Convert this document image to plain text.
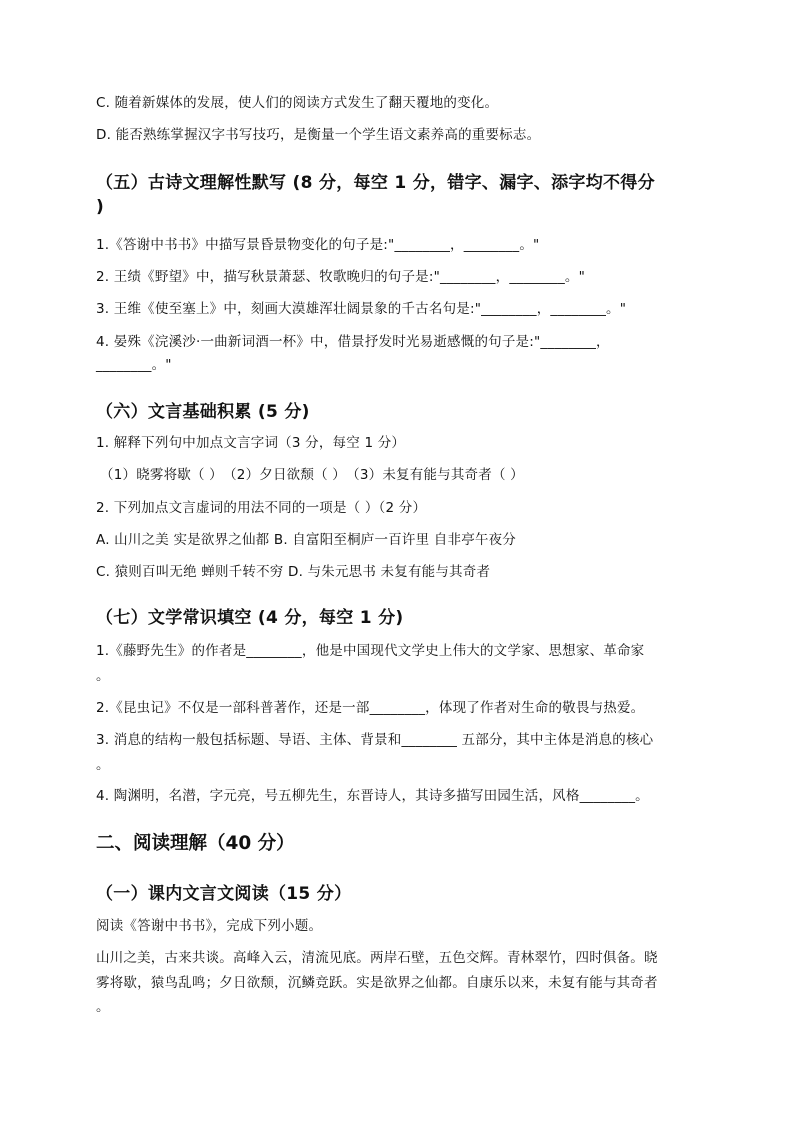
C. 随着新媒体的发展，使人们的阅读方式发生了翻天覆地的变化。
D. 能否熟练掌握汉字书写技巧，是衡量一个学生语文素养高的重要标志。
（五）古诗文理解性默写 (8 分，每空 1 分，错字、漏字、添字均不得分
)
1.《答谢中书书》中描写景昏景物变化的句子是:"________，________。"
2. 王绩《野望》中，描写秋景萧瑟、牧歌晚归的句子是:"________，________。"
3. 王维《使至塞上》中，刻画大漠雄浑壮阔景象的千古名句是:"________，________。"
4. 晏殊《浣溪沙·一曲新词酒一杯》中，借景抒发时光易逝感慨的句子是:"________，
________。"
（六）文言基础积累 (5 分)
1. 解释下列句中加点文言字词（3 分，每空 1 分）
（1）晓雾将歇（ ）　（2）夕日欲颓（ ）　（3）未复有能与其奇者（ ）
2. 下列加点文言虚词的用法不同的一项是（ ）（2 分）
A. 山川之美 实是欲界之仙都 B. 自富阳至桐庐一百许里 自非亭午夜分
C. 猿则百叫无绝 蝉则千转不穷 D. 与朱元思书 未复有能与其奇者
（七）文学常识填空 (4 分，每空 1 分)
1.《藤野先生》的作者是________，他是中国现代文学史上伟大的文学家、思想家、革命家
。
2.《昆虫记》不仅是一部科普著作，还是一部________，体现了作者对生命的敬畏与热爱。
3. 消息的结构一般包括标题、导语、主体、背景和________ 五部分，其中主体是消息的核心
。
4. 陶渊明，名潜，字元亮，号五柳先生，东晋诗人，其诗多描写田园生活，风格________。
二、阅读理解（40 分）
（一）课内文言文阅读（15 分）
阅读《答谢中书书》，完成下列小题。
山川之美，古来共谈。高峰入云，清流见底。两岸石壁，五色交辉。青林翠竹，四时俱备。晓
雾将歇，猿鸟乱鸣；夕日欲颓，沉鳞竞跃。实是欲界之仙都。自康乐以来，未复有能与其奇者
。
